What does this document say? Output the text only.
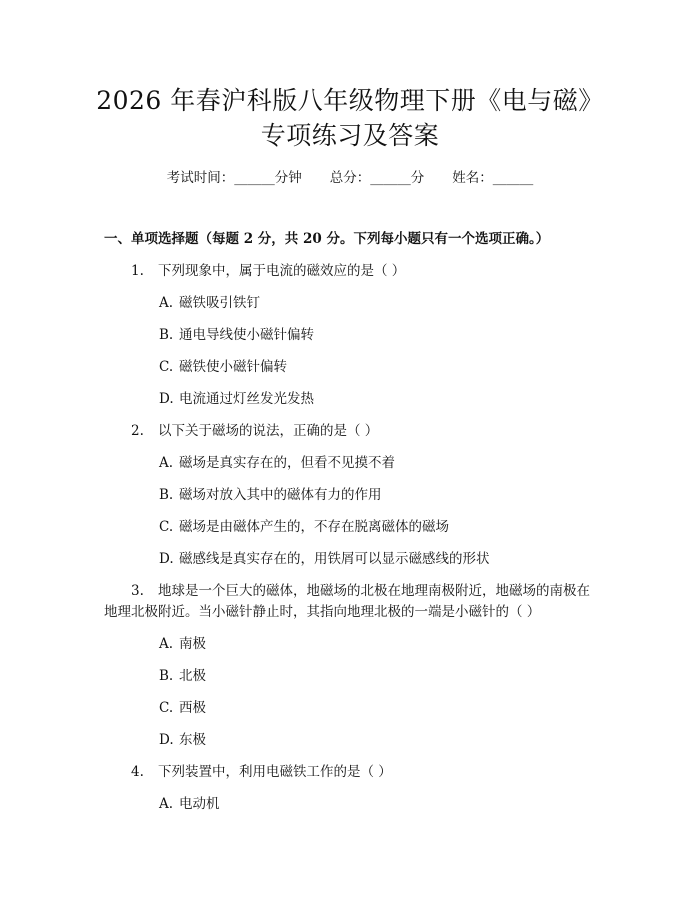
2026 年春沪科版八年级物理下册《电与磁》
专项练习及答案
考试时间：______分钟 总分：______分 姓名：______
一、单项选择题（每题 2 分，共 20 分。下列每小题只有一个选项正确。）
1. 下列现象中，属于电流的磁效应的是（ ）
A. 磁铁吸引铁钉
B. 通电导线使小磁针偏转
C. 磁铁使小磁针偏转
D. 电流通过灯丝发光发热
2. 以下关于磁场的说法，正确的是（ ）
A. 磁场是真实存在的，但看不见摸不着
B. 磁场对放入其中的磁体有力的作用
C. 磁场是由磁体产生的，不存在脱离磁体的磁场
D. 磁感线是真实存在的，用铁屑可以显示磁感线的形状
3. 地球是一个巨大的磁体，地磁场的北极在地理南极附近，地磁场的南极在
地理北极附近。当小磁针静止时，其指向地理北极的一端是小磁针的（ ）
A. 南极
B. 北极
C. 西极
D. 东极
4. 下列装置中，利用电磁铁工作的是（ ）
A. 电动机
